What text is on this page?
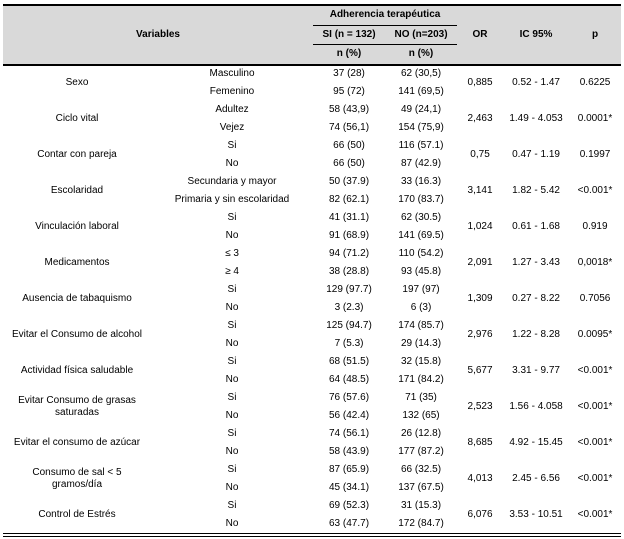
Variables		Adherencia terapéutica		OR	IC 95%	p
		SI (n = 132)	NO (n=203)			
		n (%)	n (%)			
Sexo	Masculino	37 (28)	62 (30,5)	0,885	0.52 - 1.47	0.6225
	Femenino	95 (72)	141 (69,5)			
Ciclo vital	Adultez	58 (43,9)	49 (24,1)	2,463	1.49 - 4.053	0.0001*
	Vejez	74 (56,1)	154 (75,9)			
Contar con pareja	Si	66 (50)	116 (57.1)	0,75	0.47 - 1.19	0.1997
	No	66 (50)	87 (42.9)			
Escolaridad	Secundaria y mayor	50 (37.9)	33 (16.3)	3,141	1.82 - 5.42	<0.001*
	Primaria y sin escolaridad	82 (62.1)	170 (83.7)			
Vinculación laboral	Si	41 (31.1)	62 (30.5)	1,024	0.61 - 1.68	0.919
	No	91 (68.9)	141 (69.5)			
Medicamentos	≤ 3	94 (71.2)	110 (54.2)	2,091	1.27 - 3.43	0,0018*
	≥ 4	38 (28.8)	93 (45.8)			
Ausencia de tabaquismo	Si	129 (97.7)	197 (97)	1,309	0.27 - 8.22	0.7056
	No	3 (2.3)	6 (3)			
Evitar el Consumo de alcohol	Si	125 (94.7)	174 (85.7)	2,976	1.22 - 8.28	0.0095*
	No	7 (5.3)	29 (14.3)			
Actividad física saludable	Si	68 (51.5)	32 (15.8)	5,677	3.31 - 9.77	<0.001*
	No	64 (48.5)	171 (84.2)			
Evitar Consumo de grasas saturadas	Si	76 (57.6)	71 (35)	2,523	1.56 - 4.058	<0.001*
	No	56 (42.4)	132 (65)			
Evitar el consumo de azúcar	Si	74 (56.1)	26 (12.8)	8,685	4.92 - 15.45	<0.001*
	No	58 (43.9)	177 (87.2)			
Consumo de sal < 5 gramos/día	Si	87 (65.9)	66 (32.5)	4,013	2.45 - 6.56	<0.001*
	No	45 (34.1)	137 (67.5)			
Control de Estrés	Si	69 (52.3)	31 (15.3)	6,076	3.53 - 10.51	<0.001*
	No	63 (47.7)	172 (84.7)			
